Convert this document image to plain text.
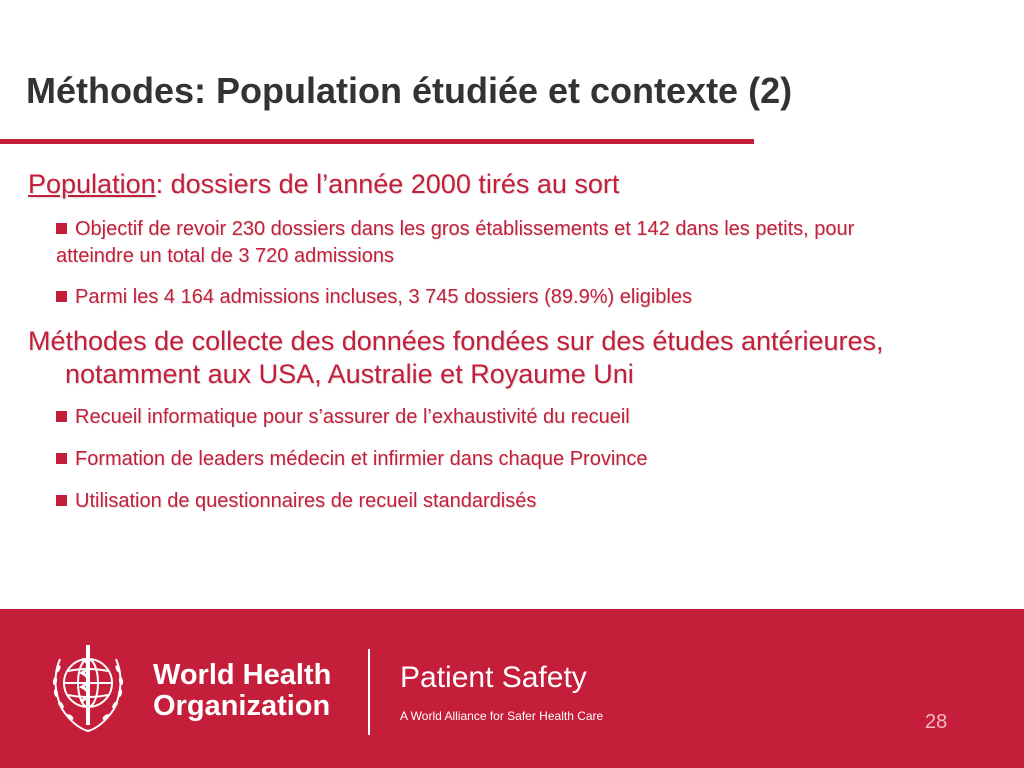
Méthodes: Population étudiée et contexte (2)

Population: dossiers de l’année 2000 tirés au sort

Objectif de revoir 230 dossiers dans les gros établissements et 142 dans les petits, pour atteindre un total de 3 720 admissions

Parmi les 4 164 admissions incluses, 3 745 dossiers (89.9%) eligibles

Méthodes de collecte des données fondées sur des études antérieures, notamment aux USA, Australie et Royaume Uni

Recueil informatique pour s’assurer de l’exhaustivité du recueil

Formation de leaders médecin et infirmier dans chaque Province

Utilisation de questionnaires de recueil standardisés

World Health
Organization

Patient Safety

A World Alliance for Safer Health Care	28
